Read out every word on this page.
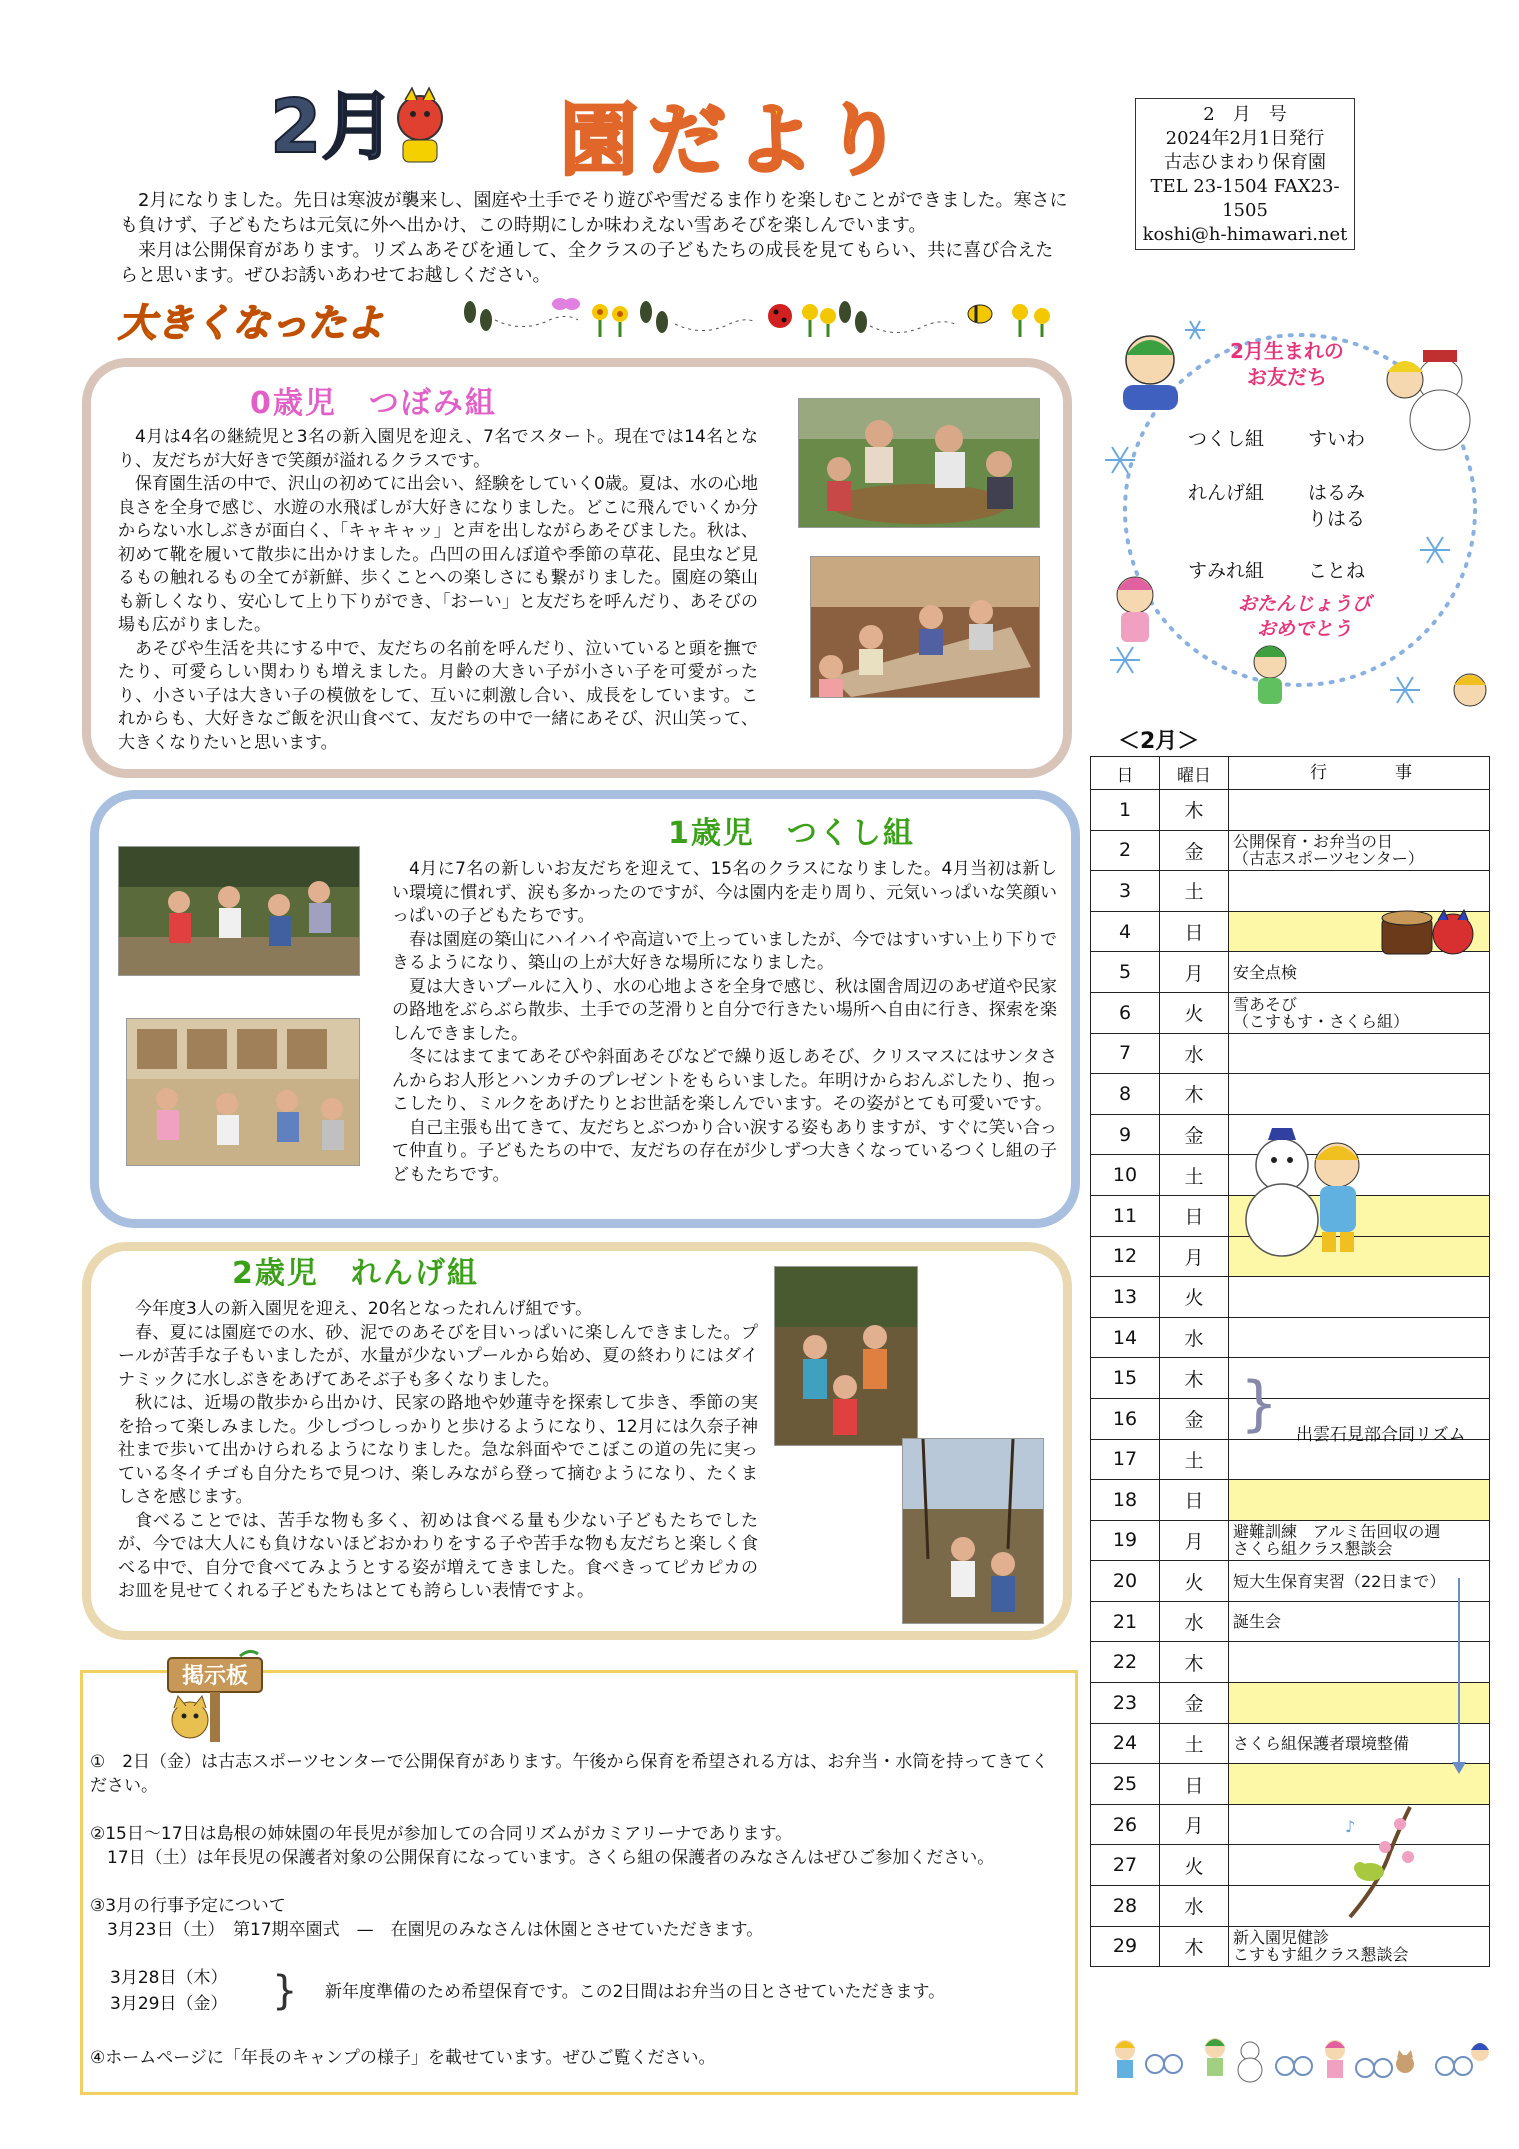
2月 園だより	2　月　号
2024年2月1日発行
古志ひまわり保育園
TEL 23-1504 FAX23-1505
koshi@h-himawari.net

2月になりました。先日は寒波が襲来し、園庭や土手でそり遊びや雪だるま作りを楽しむことができました。寒さにも負けず、子どもたちは元気に外へ出かけ、この時期にしか味わえない雪あそびを楽しんでいます。

来月は公開保育があります。リズムあそびを通して、全クラスの子どもたちの成長を見てもらい、共に喜び合えたらと思います。ぜひお誘いあわせてお越しください。

大きくなったよ
0歳児　つぼみ組

4月は4名の継続児と3名の新入園児を迎え、7名でスタート。現在では14名となり、友だちが大好きで笑顔が溢れるクラスです。

保育園生活の中で、沢山の初めてに出会い、経験をしていく0歳。夏は、水の心地良さを全身で感じ、水遊の水飛ばしが大好きになりました。どこに飛んでいくか分からない水しぶきが面白く、「キャキャッ」と声を出しながらあそびました。秋は、初めて靴を履いて散歩に出かけました。凸凹の田んぼ道や季節の草花、昆虫など見るもの触れるもの全てが新鮮、歩くことへの楽しさにも繋がりました。園庭の築山も新しくなり、安心して上り下りができ、「おーい」と友だちを呼んだり、あそびの場も広がりました。

あそびや生活を共にする中で、友だちの名前を呼んだり、泣いていると頭を撫でたり、可愛らしい関わりも増えました。月齢の大きい子が小さい子を可愛がったり、小さい子は大きい子の模倣をして、互いに刺激し合い、成長をしています。これからも、大好きなご飯を沢山食べて、友だちの中で一緒にあそび、沢山笑って、大きくなりたいと思います。

1歳児　つくし組

4月に7名の新しいお友だちを迎えて、15名のクラスになりました。4月当初は新しい環境に慣れず、涙も多かったのですが、今は園内を走り周り、元気いっぱいな笑顔いっぱいの子どもたちです。

春は園庭の築山にハイハイや高這いで上っていましたが、今ではすいすい上り下りできるようになり、築山の上が大好きな場所になりました。

夏は大きいプールに入り、水の心地よさを全身で感じ、秋は園舎周辺のあぜ道や民家の路地をぶらぶら散歩、土手での芝滑りと自分で行きたい場所へ自由に行き、探索を楽しんできました。

冬にはまてまてあそびや斜面あそびなどで繰り返しあそび、クリスマスにはサンタさんからお人形とハンカチのプレゼントをもらいました。年明けからおんぶしたり、抱っこしたり、ミルクをあげたりとお世話を楽しんでいます。その姿がとても可愛いです。

自己主張も出てきて、友だちとぶつかり合い涙する姿もありますが、すぐに笑い合って仲直り。子どもたちの中で、友だちの存在が少しずつ大きくなっているつくし組の子どもたちです。

2歳児　れんげ組

今年度3人の新入園児を迎え、20名となったれんげ組です。

春、夏には園庭での水、砂、泥でのあそびを目いっぱいに楽しんできました。プールが苦手な子もいましたが、水量が少ないプールから始め、夏の終わりにはダイナミックに水しぶきをあげてあそぶ子も多くなりました。

秋には、近場の散歩から出かけ、民家の路地や妙蓮寺を探索して歩き、季節の実を拾って楽しみました。少しづつしっかりと歩けるようになり、12月には久奈子神社まで歩いて出かけられるようになりました。急な斜面やでこぼこの道の先に実っている冬イチゴも自分たちで見つけ、楽しみながら登って摘むようになり、たくましさを感じます。

食べることでは、苦手な物も多く、初めは食べる量も少ない子どもたちでしたが、今では大人にも負けないほどおかわりをする子や苦手な物も友だちと楽しく食べる中で、自分で食べてみようとする姿が増えてきました。食べきってピカピカのお皿を見せてくれる子どもたちはとても誇らしい表情ですよ。

2月生まれの
お友だち
つくし組 すいわ
れんげ組 はるみ
りはる
すみれ組 ことね
おたんじょうび
おめでとう
＜2月＞
日	曜日	行　　　　事
1	木	
2	金	公開保育・お弁当の日
（古志スポーツセンター）
3	土	
4	日	
5	月	安全点検
6	火	雪あそび
（こすもす・さくら組）
7	水	
8	木	
9	金	
10	土	
11	日	
12	月	
13	火	
14	水	
15	木	
16	金	
17	土	
18	日	
19	月	避難訓練　アルミ缶回収の週
さくら組クラス懇談会
20	火	短大生保育実習（22日まで）
21	水	誕生会
22	木	
23	金	
24	土	さくら組保護者環境整備
25	日	
26	月	
27	火	
28	水	
29	木	新入園児健診
こすもす組クラス懇談会
} 出雲石見部合同リズム
♪
掲示板

①　2日（金）は古志スポーツセンターで公開保育があります。午後から保育を希望される方は、お弁当・水筒を持ってきてください。

②15日～17日は島根の姉妹園の年長児が参加しての合同リズムがカミアリーナであります。

　17日（土）は年長児の保護者対象の公開保育になっています。さくら組の保護者のみなさんはぜひご参加ください。

③3月の行事予定について

　3月23日（土）　第17期卒園式　—　在園児のみなさんは休園とさせていただきます。

3月28日（木）
3月29日（金） } 新年度準備のため希望保育です。この2日間はお弁当の日とさせていただきます。

④ホームページに「年長のキャンプの様子」を載せています。ぜひご覧ください。
